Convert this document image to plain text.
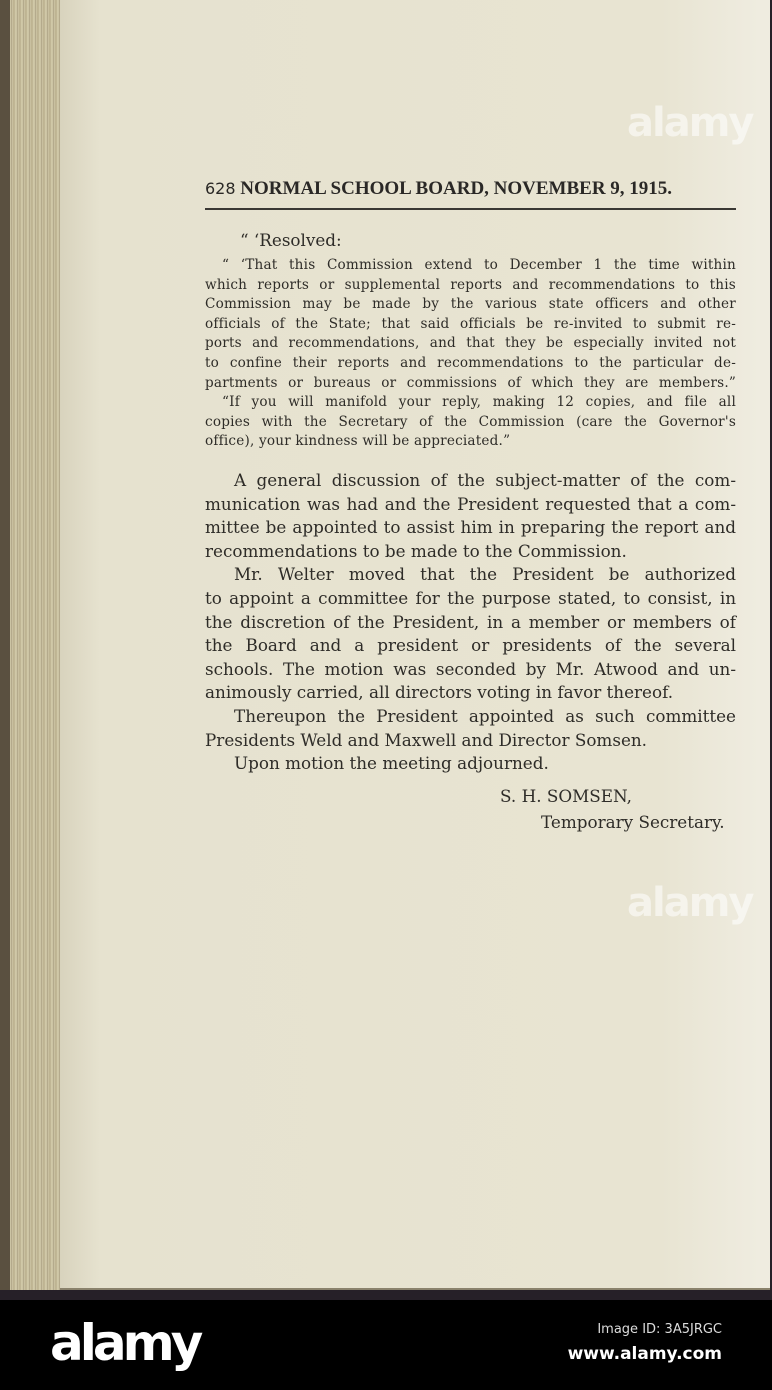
628 NORMAL SCHOOL BOARD, NOVEMBER 9, 1915.
“ ‘Resolved:
“ ‘That this Commission extend to December 1 the time within
which reports or supplemental reports and recommendations to this
Commission may be made by the various state officers and other
officials of the State; that said officials be re-invited to submit re-
ports and recommendations, and that they be especially invited not
to confine their reports and recommendations to the particular de-
partments or bureaus or commissions of which they are members.”
“If you will manifold your reply, making 12 copies, and file all
copies with the Secretary of the Commission (care the Governor's
office), your kindness will be appreciated.”
A general discussion of the subject-matter of the com-
munication was had and the President requested that a com-
mittee be appointed to assist him in preparing the report and
recommendations to be made to the Commission.
Mr. Welter moved that the President be authorized
to appoint a committee for the purpose stated, to consist, in
the discretion of the President, in a member or members of
the Board and a president or presidents of the several
schools. The motion was seconded by Mr. Atwood and un-
animously carried, all directors voting in favor thereof.
Thereupon the President appointed as such committee
Presidents Weld and Maxwell and Director Somsen.
Upon motion the meeting adjourned.
S. H. SOMSEN,
Temporary Secretary.
alamy
alamy
alamy	Image ID: 3A5JRGC
www.alamy.com
